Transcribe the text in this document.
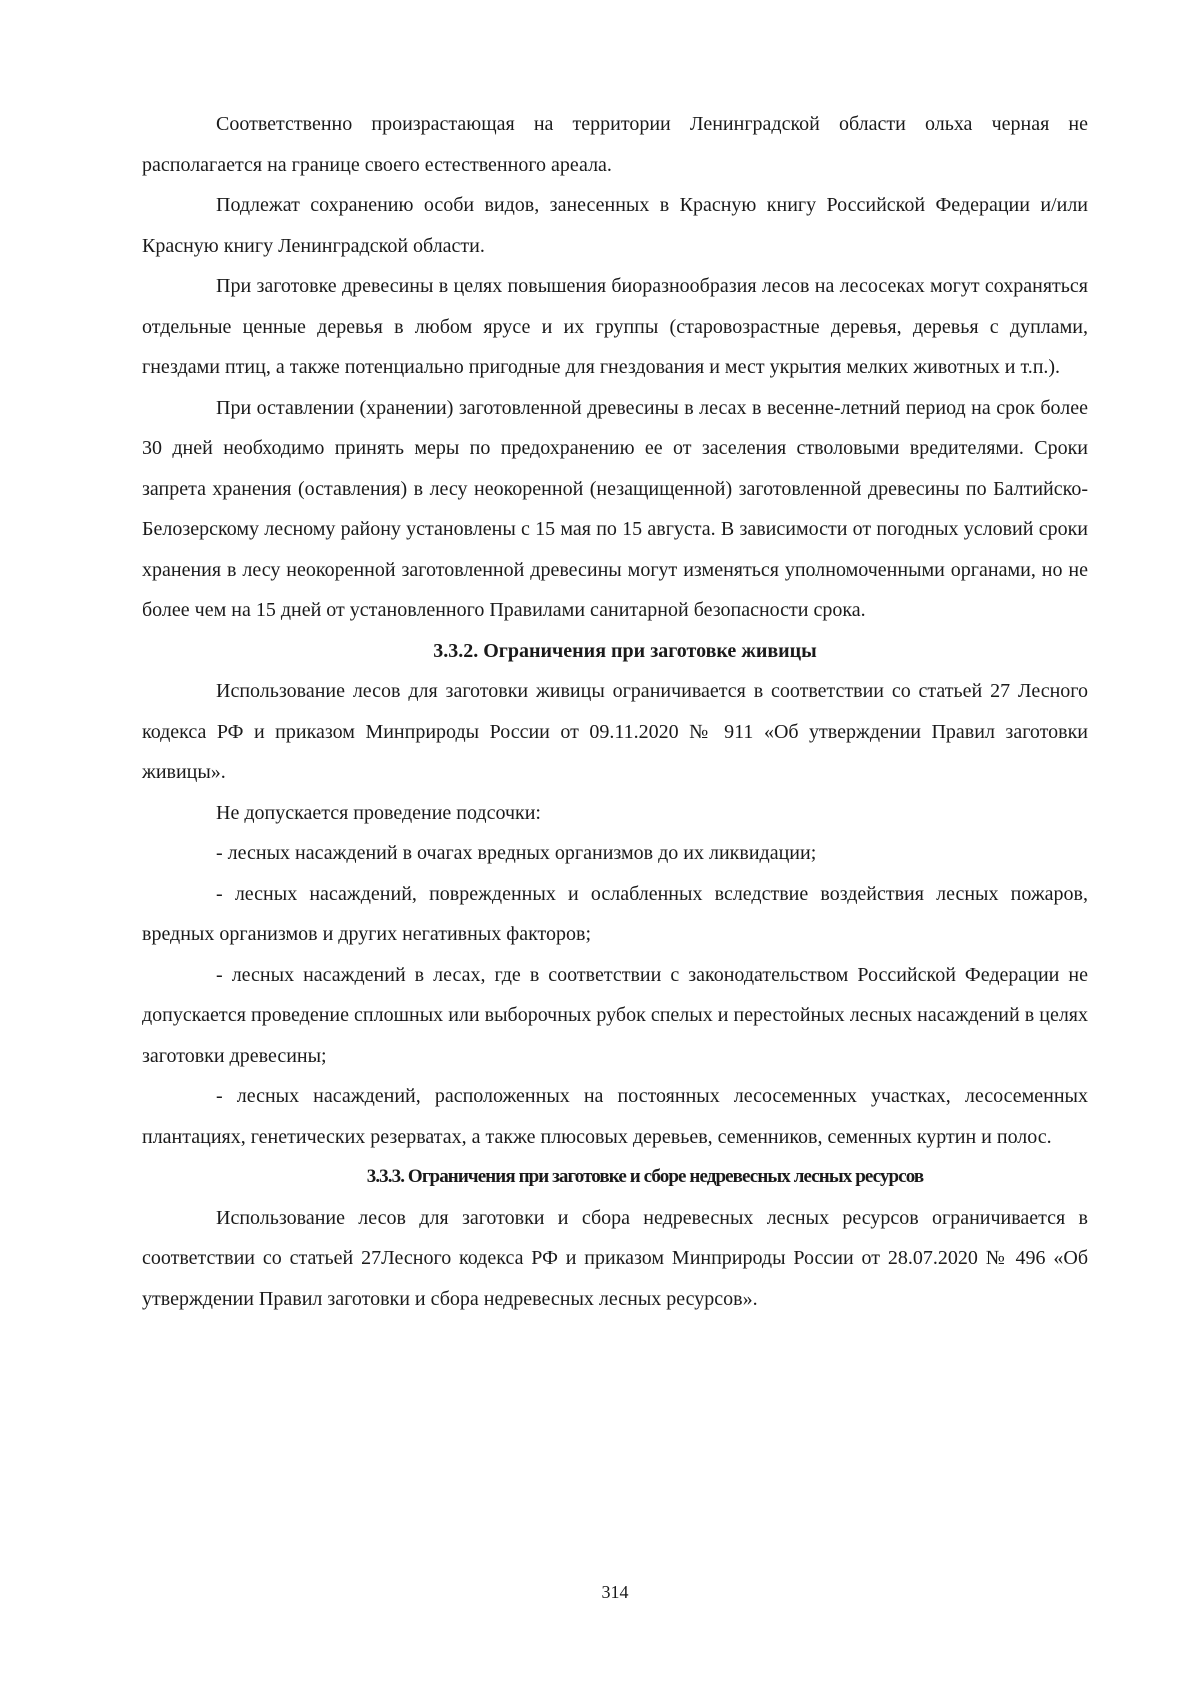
Соответственно произрастающая на территории Ленинградской области ольха черная не располагается на границе своего естественного ареала.

Подлежат сохранению особи видов, занесенных в Красную книгу Российской Федерации и/или Красную книгу Ленинградской области.

При заготовке древесины в целях повышения биоразнообразия лесов на лесосеках могут сохраняться отдельные ценные деревья в любом ярусе и их группы (старовозрастные деревья, деревья с дуплами, гнездами птиц, а также потенциально пригодные для гнездования и мест укрытия мелких животных и т.п.).

При оставлении (хранении) заготовленной древесины в лесах в весенне-летний период на срок более 30 дней необходимо принять меры по предохранению ее от заселения стволовыми вредителями. Сроки запрета хранения (оставления) в лесу неокоренной (незащищенной) заготовленной древесины по Балтийско-Белозерскому лесному району установлены с 15 мая по 15 августа. В зависимости от погодных условий сроки хранения в лесу неокоренной заготовленной древесины могут изменяться уполномоченными органами, но не более чем на 15 дней от установленного Правилами санитарной безопасности срока.

3.3.2. Ограничения при заготовке живицы

Использование лесов для заготовки живицы ограничивается в соответствии со статьей 27 Лесного кодекса РФ и приказом Минприроды России от 09.11.2020 № 911 «Об утверждении Правил заготовки живицы».

Не допускается проведение подсочки:

- лесных насаждений в очагах вредных организмов до их ликвидации;

- лесных насаждений, поврежденных и ослабленных вследствие воздействия лесных пожаров, вредных организмов и других негативных факторов;

- лесных насаждений в лесах, где в соответствии с законодательством Российской Федерации не допускается проведение сплошных или выборочных рубок спелых и перестойных лесных насаждений в целях заготовки древесины;

- лесных насаждений, расположенных на постоянных лесосеменных участках, лесосеменных плантациях, генетических резерватах, а также плюсовых деревьев, семенников, семенных куртин и полос.

3.3.3. Ограничения при заготовке и сборе недревесных лесных ресурсов

Использование лесов для заготовки и сбора недревесных лесных ресурсов ограничивается в соответствии со статьей 27Лесного кодекса РФ и приказом Минприроды России от 28.07.2020 № 496 «Об утверждении Правил заготовки и сбора недревесных лесных ресурсов».

314
